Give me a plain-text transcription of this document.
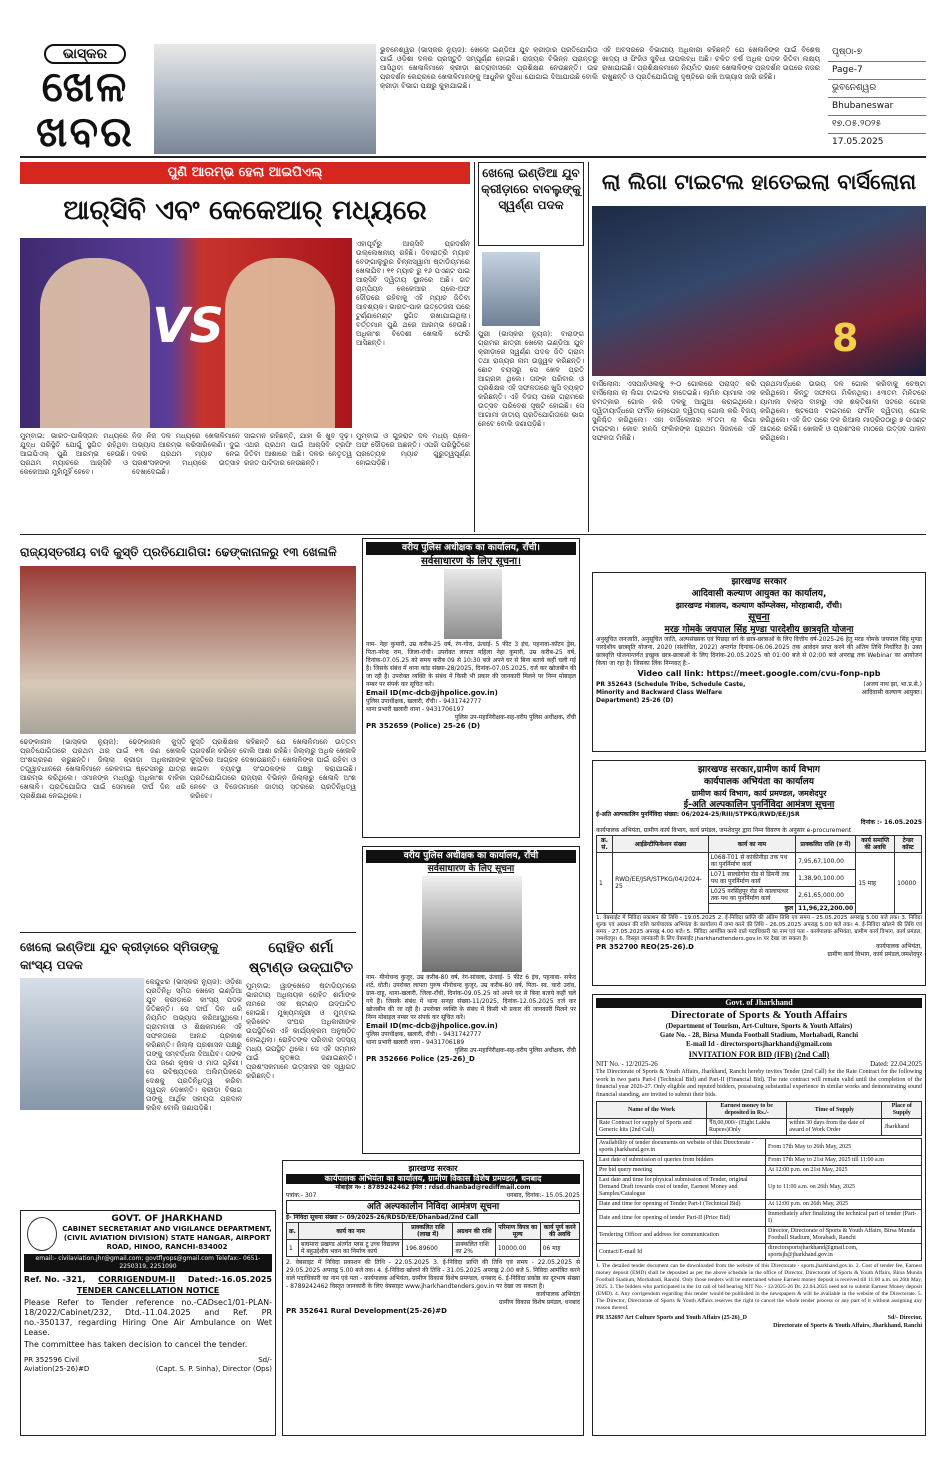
ଭାସ୍କର
ଖେଳ
ଖବର
ଭୁବନେଶ୍ୱର (ଭାସ୍କର ନ୍ୟୁଜ): ଖେଲୋ ଇଣ୍ଡିଆ ଯୁବ କ୍ରୀଡ଼ାର ପ୍ରତିଯୋଗିତା ପାଇଁ ଓଡ଼ିଶା ଦଳର ପ୍ରସ୍ତୁତି ସମ୍ପୂର୍ଣ୍ଣ ହୋଇଛି। ରାଜ୍ୟର ବିଭିନ୍ନ ପ୍ରାନ୍ତରୁ ଆସିଥିବା ଖେଳାଳିମାନେ କ୍ରୀଡ଼ା ଛାତ୍ରାବାସରେ ପ୍ରଶିକ୍ଷଣ ନେଉଛନ୍ତି। ଉଚ୍ଚ ପ୍ରଦର୍ଶନ କେନ୍ଦ୍ରରେ ଖେଳାଳିମାନଙ୍କୁ ଆଧୁନିକ ସୁବିଧା ଯୋଗାଇ ଦିଆଯାଉଛି ବୋଲି କ୍ରୀଡ଼ା ବିଭାଗ ପକ୍ଷରୁ କୁହାଯାଇଛି।
ଏହି ଅବସରରେ ବିଭାଗୀୟ ଅଧିକାରୀ କହିଛନ୍ତି ଯେ ଖେଳାଳିଙ୍କ ପାଇଁ ବିଶେଷ ଖାଦ୍ୟ ଓ ଫିଜିଓ ସୁବିଧା ଉପଲବ୍ଧ ଅଛି। ଚଳିତ ବର୍ଷ ଅଧିକ ପଦକ ଜିତିବା ଲକ୍ଷ୍ୟ ରଖାଯାଇଛି। ପ୍ରଶିକ୍ଷକମାନେ ନିୟମିତ ଭାବେ ଖେଳାଳିଙ୍କ ପ୍ରଦର୍ଶନ ଉପରେ ନଜର ରଖୁଛନ୍ତି ଓ ପ୍ରତିଯୋଗିତାକୁ ଦୃଷ୍ଟିରେ ରଖି ଅଭ୍ୟାସ ଜାରି ରହିଛି।
ପୃଷ୍ଠା-୭
Page-7
ଭୁବନେଶ୍ୱର
Bhubaneswar
୧୭.୦୫.୨୦୨୫
17.05.2025
ପୁଣି ଆରମ୍ଭ ହେଲା ଆଇପିଏଲ୍
ଆର୍‌ସିବି ଏବଂ କେକେଆର୍ ମଧ୍ୟରେ
VS
ଏହାପୂର୍ବରୁ ଆର୍‌ସିବି ପ୍ରଦର୍ଶନ ଉଲ୍ଲେଖନୀୟ ରହିଛି। ଦିବାରାତ୍ରି ମ୍ୟାଚ ବେଙ୍ଗାଲୁରୁର ଚିନ୍ନାସ୍ୱାମୀ ଷ୍ଟାଡିୟମରେ ଖେଳାଯିବ। ୧୧ ମ୍ୟାଚ ରୁ ୧୬ ପଏଣ୍ଟ ପାଇ ଆର୍‌ସିବି ଦ୍ୱିତୀୟ ସ୍ଥାନରେ ଅଛି। ଗତ ଚାମ୍ପିୟନ କେକେଆର ପ୍ଲେ-ଅଫ ଦୌଡ଼ରେ ରହିବାକୁ ଏହି ମ୍ୟାଚ ଜିତିବା ଆବଶ୍ୟକ। ଭାରତ-ପାକ ଉତ୍ତେଜନା ପରେ ଟୁର୍ଣ୍ଣାମେଣ୍ଟ ସ୍ଥଗିତ ରଖାଯାଇଥିଲା। ବର୍ତ୍ତମାନ ପୁଣି ଥରେ ଆରମ୍ଭ ହେଉଛି। ଅଧିକାଂଶ ବିଦେଶୀ ଖେଳାଳି ଫେରି ଆସିଛନ୍ତି।
ମୁମ୍ବାଇ: ଭାରତ-ପାକିସ୍ତାନ ମଧ୍ୟରେ ଯୁଦ୍ଧ ପରିସ୍ଥିତି ଯୋଗୁଁ ସ୍ଥଗିତ ରହିଥିବା ଆଇପିଏଲ୍ ପୁଣି ଆରମ୍ଭ ହେଉଛି। ପ୍ରଥମ ମ୍ୟାଚରେ ଆର୍‌ସିବି ଓ କେକେଆର ମୁହାଁମୁହିଁ ହେବେ।
ନିଜ ନିଜ ଦଳ ମଧ୍ୟରେ ଖେଳାଳିମାନେ ଅଭ୍ୟାସ ଆରମ୍ଭ କରିସାରିଲେଣି। ଦୁଇ ଦଳର ପ୍ରଥମ ମ୍ୟାଚ ନେଇ ପ୍ରଶଂସକଙ୍କ ମଧ୍ୟରେ ଉତ୍ସାହ ଦେଖାଦେଇଛି।
ସାଇମନ ରହିଛନ୍ତି, ଯାହା କି ଖୁବ ଦୃଢ଼। ଏଥର ପ୍ରଥମ ପାଇଁ ଆର୍‌ସିବି ଟ୍ରଫି ଜିତିବା ଆଶାରେ ଅଛି। ଦଳର ନେତୃତ୍ୱ ରଜତ ପାଟିଦାର ନେଉଛନ୍ତି।
ମୁମ୍ବାଇ ଓ ଗୁଜରାଟ ଦଳ ମଧ୍ୟ ପ୍ଲେ-ଅଫ ଦୌଡ଼ରେ ଅଛନ୍ତି। ଏପରି ପରିସ୍ଥିତିରେ ପ୍ରତ୍ୟେକ ମ୍ୟାଚ ଗୁରୁତ୍ୱପୂର୍ଣ୍ଣ ହୋଇପଡ଼ିଛି।
ଖେଲୋ ଇଣ୍ଡିଆ ଯୁବ କ୍ରୀଡ଼ାରେ ବାବଲୁଙ୍କୁ ସ୍ୱର୍ଣ୍ଣ ପଦକ
ପୁରୀ (ଭାସ୍କର ନ୍ୟୁଜ): ବାରାଙ୍ଗ ଗ୍ରାମର ଛାତ୍ରୀ ଖେଲୋ ଇଣ୍ଡିଆ ଯୁବ କ୍ରୀଡ଼ାରେ ସ୍ୱର୍ଣ୍ଣ ପଦକ ଜିତି ଗ୍ରାମ ତଥା ରାଜ୍ୟର ନାମ ଉଜ୍ଜ୍ୱଳ କରିଛନ୍ତି। ଛୋଟ ବୟସରୁ ସେ ଖେଳ ପ୍ରତି ଆଗ୍ରହୀ ଥିଲେ। ତାଙ୍କ ପରିବାର ଓ ପ୍ରଶିକ୍ଷକ ଏହି ସଫଳତାରେ ଖୁସି ବ୍ୟକ୍ତ କରିଛନ୍ତି। ଏହି ବିଜୟ ପରେ ଗ୍ରାମରେ ଉତ୍ସବ ପରିବେଶ ସୃଷ୍ଟି ହୋଇଛି। ସେ ଆଗାମୀ ଜାତୀୟ ପ୍ରତିଯୋଗିତାରେ ଭାଗ ନେବେ ବୋଲି ଜଣାପଡ଼ିଛି।
ଲା ଲିଗା ଟାଇଟଲ ହାତେଇଲା ବାର୍ସିଲୋନା
8
ବାର୍ସିଲୋନା: ଏସପାନିଓଲକୁ ୨-୦ ଗୋଲରେ ପରାସ୍ତ କରି ବାର୍ସିଲୋନା ଲା ଲିଗା ଟାଇଟଲ ହାତେଇଛି। ଲାମିନ ୟାମାଲ ଏକ ଚମତ୍କାର ଗୋଲ କରି ଦଳକୁ ଆଗୁଆ କରାଇଥିଲେ। ଦ୍ୱିତୀୟାର୍ଦ୍ଧରେ ଫର୍ମିନ ଲୋପେଜ ଦ୍ୱିତୀୟ ଗୋଲ କରି ବିଜୟ ସୁନିଶ୍ଚିତ କରିଥିଲେ। ଏହା ବାର୍ସିଲୋନାର ୨୮ତମ ଲା ଲିଗା ଟାଇଟଲ। କୋଚ ହାନସି ଫ୍ଲିକଙ୍କ ପ୍ରଥମ ସିଜନରେ ଏହି ସଫଳତା ମିଳିଛି।
ପ୍ରଥମାର୍ଦ୍ଧରେ ଉଭୟ ଦଳ ଗୋଲ କରିବାକୁ ଚେଷ୍ଟା କରିଥିଲେ। କିନ୍ତୁ ସଫଳତା ମିଳିନଥିଲା। ୫୩ତମ ମିନିଟରେ ୟାମାଲ ବାକ୍ସ ବାହାରୁ ଏକ ଶକ୍ତିଶାଳୀ ସଟରେ ଗୋଲ କରିଥିଲେ। ଷ୍ଟପେଜ ଟାଇମରେ ଫର୍ମିନ ଦ୍ୱିତୀୟ ଗୋଲ କରିଥିଲେ। ଏହି ଜିତ ପରେ ଦଳ ରିଆଲ ମାଡ୍ରିଡଠାରୁ ୭ ପଏଣ୍ଟ ଆଗରେ ରହିଛି। ଖେଳାଳି ଓ ପ୍ରଶଂସକ ମାଠରେ ଉତ୍ସବ ପାଳନ କରିଥିଲେ।
ରାଜ୍ୟସ୍ତରୀୟ ବାଦି କୁସ୍ତି ପ୍ରତିଯୋଗିତା: ଢେଙ୍କାନାଳରୁ ୧୩ ଖେଳାଳି
ଢେଙ୍କାନାଳ (ଭାସ୍କର ନ୍ୟୁଜ): ଢେଙ୍କାନାଳ କୁସ୍ତି ପ୍ରତିଯୋଗିତାରେ ପ୍ରଥମ ଥର ପାଇଁ ୧୩ ଜଣ ଖେଳାଳି ଅଂଶଗ୍ରହଣ କରୁଛନ୍ତି। ଜିଲ୍ଲା କ୍ରୀଡ଼ା ଅଧିକାରୀଙ୍କ ତତ୍ତ୍ୱାବଧାନରେ ଖେଳାଳିମାନେ ରେଳବାଇ ଷ୍ଟେସନରୁ ଯାତ୍ରା ଆରମ୍ଭ କରିଥିଲେ। ଏମାନଙ୍କ ମଧ୍ୟରୁ ଅଧିକାଂଶ ବାଳିକା ଖେଳାଳି। ପ୍ରତିଯୋଗିତା ପାଇଁ ସେମାନେ ଦୀର୍ଘ ଦିନ ଧରି ପ୍ରଶିକ୍ଷଣ ନେଇଥିଲେ।
କୁସ୍ତି ପ୍ରଶିକ୍ଷକ କହିଛନ୍ତି ଯେ ଖେଳାଳିମାନେ ଉତ୍ତମ ପ୍ରଦର୍ଶନ କରିବେ ବୋଲି ଆଶା ରହିଛି। ଜିଲ୍ଲାରୁ ଅଧିକ ଖେଳାଳି କୁସ୍ତିରେ ଆଗ୍ରହ ଦେଖାଉଛନ୍ତି। ଖେଳାଳିଙ୍କ ପାଇଁ ରହିବା ଓ ଖାଇବା ବ୍ୟବସ୍ଥା ସଂଗଠକଙ୍କ ପକ୍ଷରୁ କରାଯାଇଛି। ପ୍ରତିଯୋଗିତାରେ ରାଜ୍ୟର ବିଭିନ୍ନ ଜିଲ୍ଲାରୁ ଖେଳାଳି ଅଂଶ ନେବେ ଓ ବିଜେତାମାନେ ଜାତୀୟ ସ୍ତରରେ ପ୍ରତିନିଧିତ୍ୱ କରିବେ।
ଖେଲୋ ଇଣ୍ଡିଆ ଯୁବ କ୍ରୀଡ଼ାରେ ସ୍ମିତାଙ୍କୁ କାଂସ୍ୟ ପଦକ
ରୋହିତ ଶର୍ମା ଷ୍ଟାଣ୍ଡ ଉଦ୍‌ଘାଟିତ
କେନ୍ଦୁଝର (ଭାସ୍କର ନ୍ୟୁଜ): ଓଡ଼ିଶା ପ୍ରତିନିଧି ସ୍ମିତା ଖେଲୋ ଇଣ୍ଡିଆ ଯୁବ କ୍ରୀଡ଼ାରେ କାଂସ୍ୟ ପଦକ ଜିତିଛନ୍ତି। ସେ ଦୀର୍ଘ ଦିନ ଧରି ନିୟମିତ ଅଭ୍ୟାସ କରିଆସୁଥିଲେ। ଗ୍ରାମବାସୀ ଓ ଶିକ୍ଷକମାନେ ଏହି ସଫଳତାରେ ଆନନ୍ଦ ପ୍ରକାଶ କରିଛନ୍ତି। ଜିଲ୍ଲା ପ୍ରଶାସନ ପକ୍ଷରୁ ତାଙ୍କୁ ସମ୍ବର୍ଦ୍ଧନା ଦିଆଯିବ। ତାଙ୍କ ପିତା ଜଣେ କୃଷକ ଓ ମାତା ଗୃହିଣୀ। ସେ ଭବିଷ୍ୟତରେ ଅଲିମ୍ପିକରେ ଦେଶକୁ ପ୍ରତିନିଧିତ୍ୱ କରିବା ସ୍ୱପ୍ନ ଦେଖନ୍ତି। କ୍ରୀଡ଼ା ବିଭାଗ ତାଙ୍କୁ ଆର୍ଥିକ ସହାୟତା ପ୍ରଦାନ କରିବ ବୋଲି ଜଣାପଡ଼ିଛି।
ମୁମ୍ବାଇ: ୱାଙ୍ଖେଡେ ଷ୍ଟାଡିୟମରେ ଭାରତୀୟ ଅଧିନାୟକ ରୋହିତ ଶର୍ମାଙ୍କ ନାମରେ ଏକ ଷ୍ଟାଣ୍ଡ ଉଦ୍‌ଘାଟିତ ହୋଇଛି। ମୁଖ୍ୟମନ୍ତ୍ରୀ ଓ ମୁମ୍ବାଇ କ୍ରିକେଟ ସଂଘର ଅଧିକାରୀଙ୍କ ଉପସ୍ଥିତିରେ ଏହି କାର୍ଯ୍ୟକ୍ରମ ଅନୁଷ୍ଠିତ ହୋଇଥିଲା। ରୋହିତଙ୍କ ପରିବାର ସଦସ୍ୟ ମଧ୍ୟ ଉପସ୍ଥିତ ଥିଲେ। ସେ ଏହି ସମ୍ମାନ ପାଇଁ କୃତଜ୍ଞତା ଜଣାଇଛନ୍ତି। ପ୍ରଶଂସକମାନେ ଉତ୍ସାହର ସହ ସ୍ୱାଗତ କରିଛନ୍ତି।
GOVT. OF JHARKHAND
CABINET SECRETARIAT AND VIGILANCE DEPARTMENT, (CIVIL AVIATION DIVISION) STATE HANGAR, AIRPORT ROAD, HINOO, RANCHI-834002
email:- civilaviation.jhr@gmail.com; govtflyops@gmail.com Telefax:- 0651-2250319, 2251090
Ref. No. -321, CORRIGENDUM-II Dated:-16.05.2025
TENDER CANCELLATION NOTICE
Please Refer to Tender reference no.-CADsec1/01-PLAN-18/2022/Cabinet/232, Dtd.-11.04.2025 and Ref. PR no.-350137, regarding Hiring One Air Ambulance on Wet Lease.
The committee has taken decision to cancel the tender.
PR 352596 Civil Aviation(25-26)#D
Sd/-
(Capt. S. P. Sinha), Director (Ops)
वरीय पुलिस अधीक्षक का कार्यालय, राँची।
सर्वसाधारण के लिए सूचना।
नाम- नेहा कुमारी, उम्र करीब-25 वर्ष, रंग-गोरा, ऊंचाई- 5 फीट 3 इंच, पहनावा-कॉटन ड्रेस, पिता-नरेन्द्र राम, जिला-रांची। उपरोक्त लापता महिला नेहा कुमारी, उम्र करीब-25 वर्ष, दिनांक-07.05.25 को समय करीब 09 से 10:30 बजे अपने घर से बिना बताये कहीं चली गई है। जिसके संबंध में थाना कांड संख्या-28/2025, दिनांक-07.05.2025, दर्ज कर खोजबीन की जा रही है। उपरोक्त व्यक्ति के संबंध में किसी भी प्रकार की जानकारी मिलने पर निम्न मोबाइल नम्बर पर संपर्क कर सूचित करें।
Email ID(mc-dcb@jhpolice.gov.in)
पुलिस उपाधीक्षक, खलारी, राँची। - 9431742777
थाना प्रभारी खलारी थाना - 9431706197
पुलिस उप-महानिरीक्षक-सह-वरीय पुलिस अधीक्षक, राँची
PR 352659 (Police) 25-26 (D)
वरीय पुलिस अधीक्षक का कार्यालय, राँची
सर्वसाधारण के लिए सूचना
नाम- मीनोचन्द कुजूर, उम्र करीब-80 वर्ष, रंग-सांवला, ऊंचाई- 5 फीट 6 इंच, पहनावा- सफेद शर्ट, धोती। उपरोक्त लापता पुरुष मीनोचन्द कुजूर, उम्र करीब-80 वर्ष, पिता- स्व. चारो उरांव, ग्राम-दाहू, थाना-खलारी, जिला-राँची, दिनांक-09.05.25 को अपने घर से बिना बताये कहीं चले गये हैं। जिसके संबंध में थाना सनहा संख्या-11/2025, दिनांक-12.05.2025 दर्ज कर खोजबीन की जा रही है। उपरोक्त व्यक्ति के संबंध में किसी भी प्रकार की जानकारी मिलने पर निम्न मोबाइल नम्बर पर संपर्क कर सूचित करें।
Email ID(mc-dcb@jhpolice.gov.in)
पुलिस उपाधीक्षक, खलारी, राँची। - 9431742777
थाना प्रभारी खलारी थाना - 9431706189
पुलिस उप-महानिरीक्षक-सह-वरीय पुलिस अधीक्षक, राँची
PR 352666 Police (25-26)_D
झारखण्ड सरकार
कार्यपालक अभियंता का कार्यालय, ग्रामीण विकास विशेष प्रमण्डल, धनबाद
मोबाईल न० : 8789242462 ईमेल : rdsd.dhanbad@rediffmail.com
पत्रांक:- 307	धनबाद, दिनांक:- 15.05.2025
अति अल्पकालीन निविदा आमंत्रण सूचना
ई- निविदा सूचना संख्या :- 09/2025-26/RDSD/EE/Dhanbad/2nd Call
क्र.	कार्य का नाम	प्राक्कलित राशि (लाख में)	अग्रधन की राशि	परिमाण विपत्र का मूल्य	कार्य पूर्ण करने की अवधि
1	बाघमारा प्रखण्ड अंतर्गत प्लस टू उच्च विद्यालय में बहुउद्देशीय भवन का निर्माण कार्य	196.89600	प्राक्कलित राशि का 2%	10000.00	06 माह
2. वेबसाइट में निविदा प्रकाशन की तिथि - 22.05.2025 3. ई-निविदा प्राप्ति की तिथि एवं समय - 22.05.2025 से 29.05.2025 अपराह्न 5.00 बजे तक। 4. ई-निविदा खोलने की तिथि - 31.05.2025 अपराह्न 2.00 बजे 5. निविदा आमंत्रित करने वाले पदाधिकारी का नाम एवं पता - कार्यपालक अभियंता, ग्रामीण विकास विशेष प्रमण्डल, धनबाद 6. ई-निविदा प्रकोष्ठ का दूरभाष संख्या - 8789242462 विस्तृत जानकारी के लिए वेबसाइट www.jharkhandtenders.gov.in पर देखा जा सकता है।
कार्यपालक अभियंता
ग्रामीण विकास विशेष प्रमंडल, धनबाद
PR 352641 Rural Development(25-26)#D
झारखण्ड सरकार
आदिवासी कल्याण आयुक्त का कार्यालय,
झारखण्ड मंत्रालय, कल्याण कॉम्प्लेक्स, मोरहाबादी, राँची।
सूचना
मरङ गोमके जयपाल सिंह मुण्डा पारदेशीय छात्रवृति योजना
अनुसूचित जनजाति, अनुसूचित जाति, अल्पसंख्यक एवं पिछड़ा वर्ग के छात्र-छात्राओं के लिए वित्तीय वर्ष-2025-26 हेतु मरङ गोमके जयपाल सिंह मुण्डा पारदेशीय छात्रवृति योजना, 2020 (संशोधित, 2022) अन्तर्गत दिनांक-06.06.2025 तक आवेदन प्राप्त करने की अंतिम तिथि निर्धारित है। उक्त छात्रवृत्ति योजनान्तर्गत इच्छुक छात्र-छात्राओं के लिए दिनांक-20.05.2025 को 01:00 बजे से 02:00 बजे अपराह्न तक Webinar का आयोजन किया जा रहा है। जिसका लिंक निम्नवत् है:-
Video call link: https://meet.google.com/cvu-fonp-npb
PR 352643 (Schedule Tribe, Schedule Caste, Minority and Backward Class Welfare Department) 25-26 (D)
(अजय नाथ झा, भा.प्र.से.)
आदिवासी कल्याण आयुक्त।
झारखण्ड सरकार,ग्रामीण कार्य विभाग
कार्यपालक अभियंता का कार्यालय
ग्रामीण कार्य विभाग, कार्य प्रमण्डल, जमशेदपुर
ई-अति अल्पकालिन पुनर्निविदा आमंत्रण सूचना
ई-अति अल्पकालिन पुनर्निविदा संख्या: 06/2024-25/RIII/STPKG/RWD/EE/JSR
दिनांक :- 16.05.2025
कार्यपालक अभियंता, ग्रामीण कार्य विभाग, कार्य प्रमंडल, जमशेदपुर द्वारा निम्न विवरण के अनुसार e-procurement
क्र. सं.	आईडेन्टीफिकेशन संख्या	कार्य का नाम	प्राक्कलित राशि (रु में)	कार्य समाप्ति की अवधि	टेन्डर कॉस्ट
1	RWD/EE/JSR/STPKG/04/2024-25	L068-T01 से कांकीनीड़ा तक पथ का पुनर्निर्माण कार्य	7,95,67,100.00	15 माह	10000
		L071 सालडेगोरा रोड से डिमनी तक पथ का पुनर्निर्माण कार्य	1,38,90,100.00		
		L025 नरसिंहपुर रोड से कालापत्थर तक पथ का पुनर्निर्माण कार्य	2,61,65,000.00		
		कुल	11,96,22,200.00		
1. वेबसाईट में निविदा प्रकाशन की तिथि - 19.05.2025 2. ई-निविदा प्राप्ति की अंतिम तिथि एवं समय - 25.05.2025 अपराह्न 5.00 बजे तक। 3. निविदा शुल्क एवं अग्रधन की राशि कार्यपालक अभियंता के कार्यालय में जमा करने की तिथि - 26.05.2025 अपराह्न 5.00 बजे तक। 4. ई-निविदा खोलने की तिथि एवं समय - 27.05.2025 अपराह्न 4.00 बजे। 5. निविदा आमंत्रित करने वाले पदाधिकारी का नाम एवं पता - कार्यपालक अभियंता, ग्रामीण कार्य विभाग, कार्य प्रमंडल, जमशेदपुर। 6. विस्तृत जानकारी के लिए वेबसाईट jharkhandtenders.gov.in पर देखा जा सकता है।
PR 352700 REO(25-26).D	कार्यपालक अभियंता,
ग्रामीण कार्य विभाग, कार्य प्रमंडल,जमशेदपुर
Govt. of Jharkhand
Directorate of Sports & Youth Affairs
(Department of Tourism, Art-Culture, Sports & Youth Affairs)
Gate No. - 28, Birsa Munda Football Stadium, Morhabadi, Ranchi
E-mail Id - directorsportsjharkhand@gmail.com
INVITATION FOR BID (IFB) (2nd Call)
NIT No. - 12/2025-26	Dated: 22.04.2025
The Directorate of Sports & Youth Affairs, Jharkhand, Ranchi hereby invites Tender (2nd Call) for the Rate Contract for the following work in two parts Part-I (Technical Bid) and Part-II (Financial Bid). The rate contract will remain valid until the completion of the financial year 2026-27. Only eligible and reputed bidders, possessing substantial experience in similar works and demonstrating sound financial standing, are invited to submit their bids.
Name of the Work	Earnest money to be deposited in Rs./-	Time of Supply	Place of Supply
Rate Contract for supply of Sports and Generic kits (2nd Call)	₹8,00,000/- (Eight Lakhs Rupees)Only	within 30 days from the date of award of Work Order	Jharkhand
Availability of tender documents on website of this Directorate - sports.jharkhand.gov.in	From 17th May to 26th May, 2025
Last date of submission of queries from bidders	From 17th May to 21st May, 2025 till 11:00 a.m
Pre bid query meeting	At 12:00 p.m. on 21st May, 2025
Last date and time for physical submission of Tender, original Demand Draft towards cost of tender, Earnest Money and Samples/Catalogue	Up to 11:00 a.m. on 26th May, 2025
Date and time for opening of Tender Part-I (Technical Bid)	At 12:00 p.m. on 26th May, 2025
Date and time for opening of tender Part-II (Price Bid)	Immediately after finalizing the technical part of tender (Part-I)
Tendering Officer and address for communication	Director, Directorate of Sports & Youth Affairs, Birsa Munda Football Stadium, Morabadi, Ranchi
Contact/E-mail Id	directorsportsjharkhand@gmail.com, sportsjh@jharkhand.gov.in
1. The detailed tender document can be downloaded from the website of this Directorate - sports.jharkhand.gov.in. 2. Cost of tender fee, Earnest money deposit (EMD) shall be deposited as per the above schedule in the office of Director, Directorate of Sports & Youth Affairs, Birsa Munda Football Stadium, Morhabadi, Ranchi. Only those tenders will be entertained whose Earnest money deposit is received till 11:00 a.m. on 26th May, 2025. 3. The bidders who participated in the 1st call of bid bearing NIT No. - 12/2025-26 Dt. 22.04.2025 need not to submit Earnest Money deposit (EMD). 4. Any corrigendum regarding this tender would be published in the newspapers & will be available in the website of the Directorate. 5. The Director, Directorate of Sports & Youth Affairs reserves the right to cancel the whole tender process or any part of it without assigning any reason thereof.
PR 352697 Art Culture Sports and Youth Affairs (25-26)_D	Sd/- Director,
Directorate of Sports & Youth Affairs, Jharkhand, Ranchi
